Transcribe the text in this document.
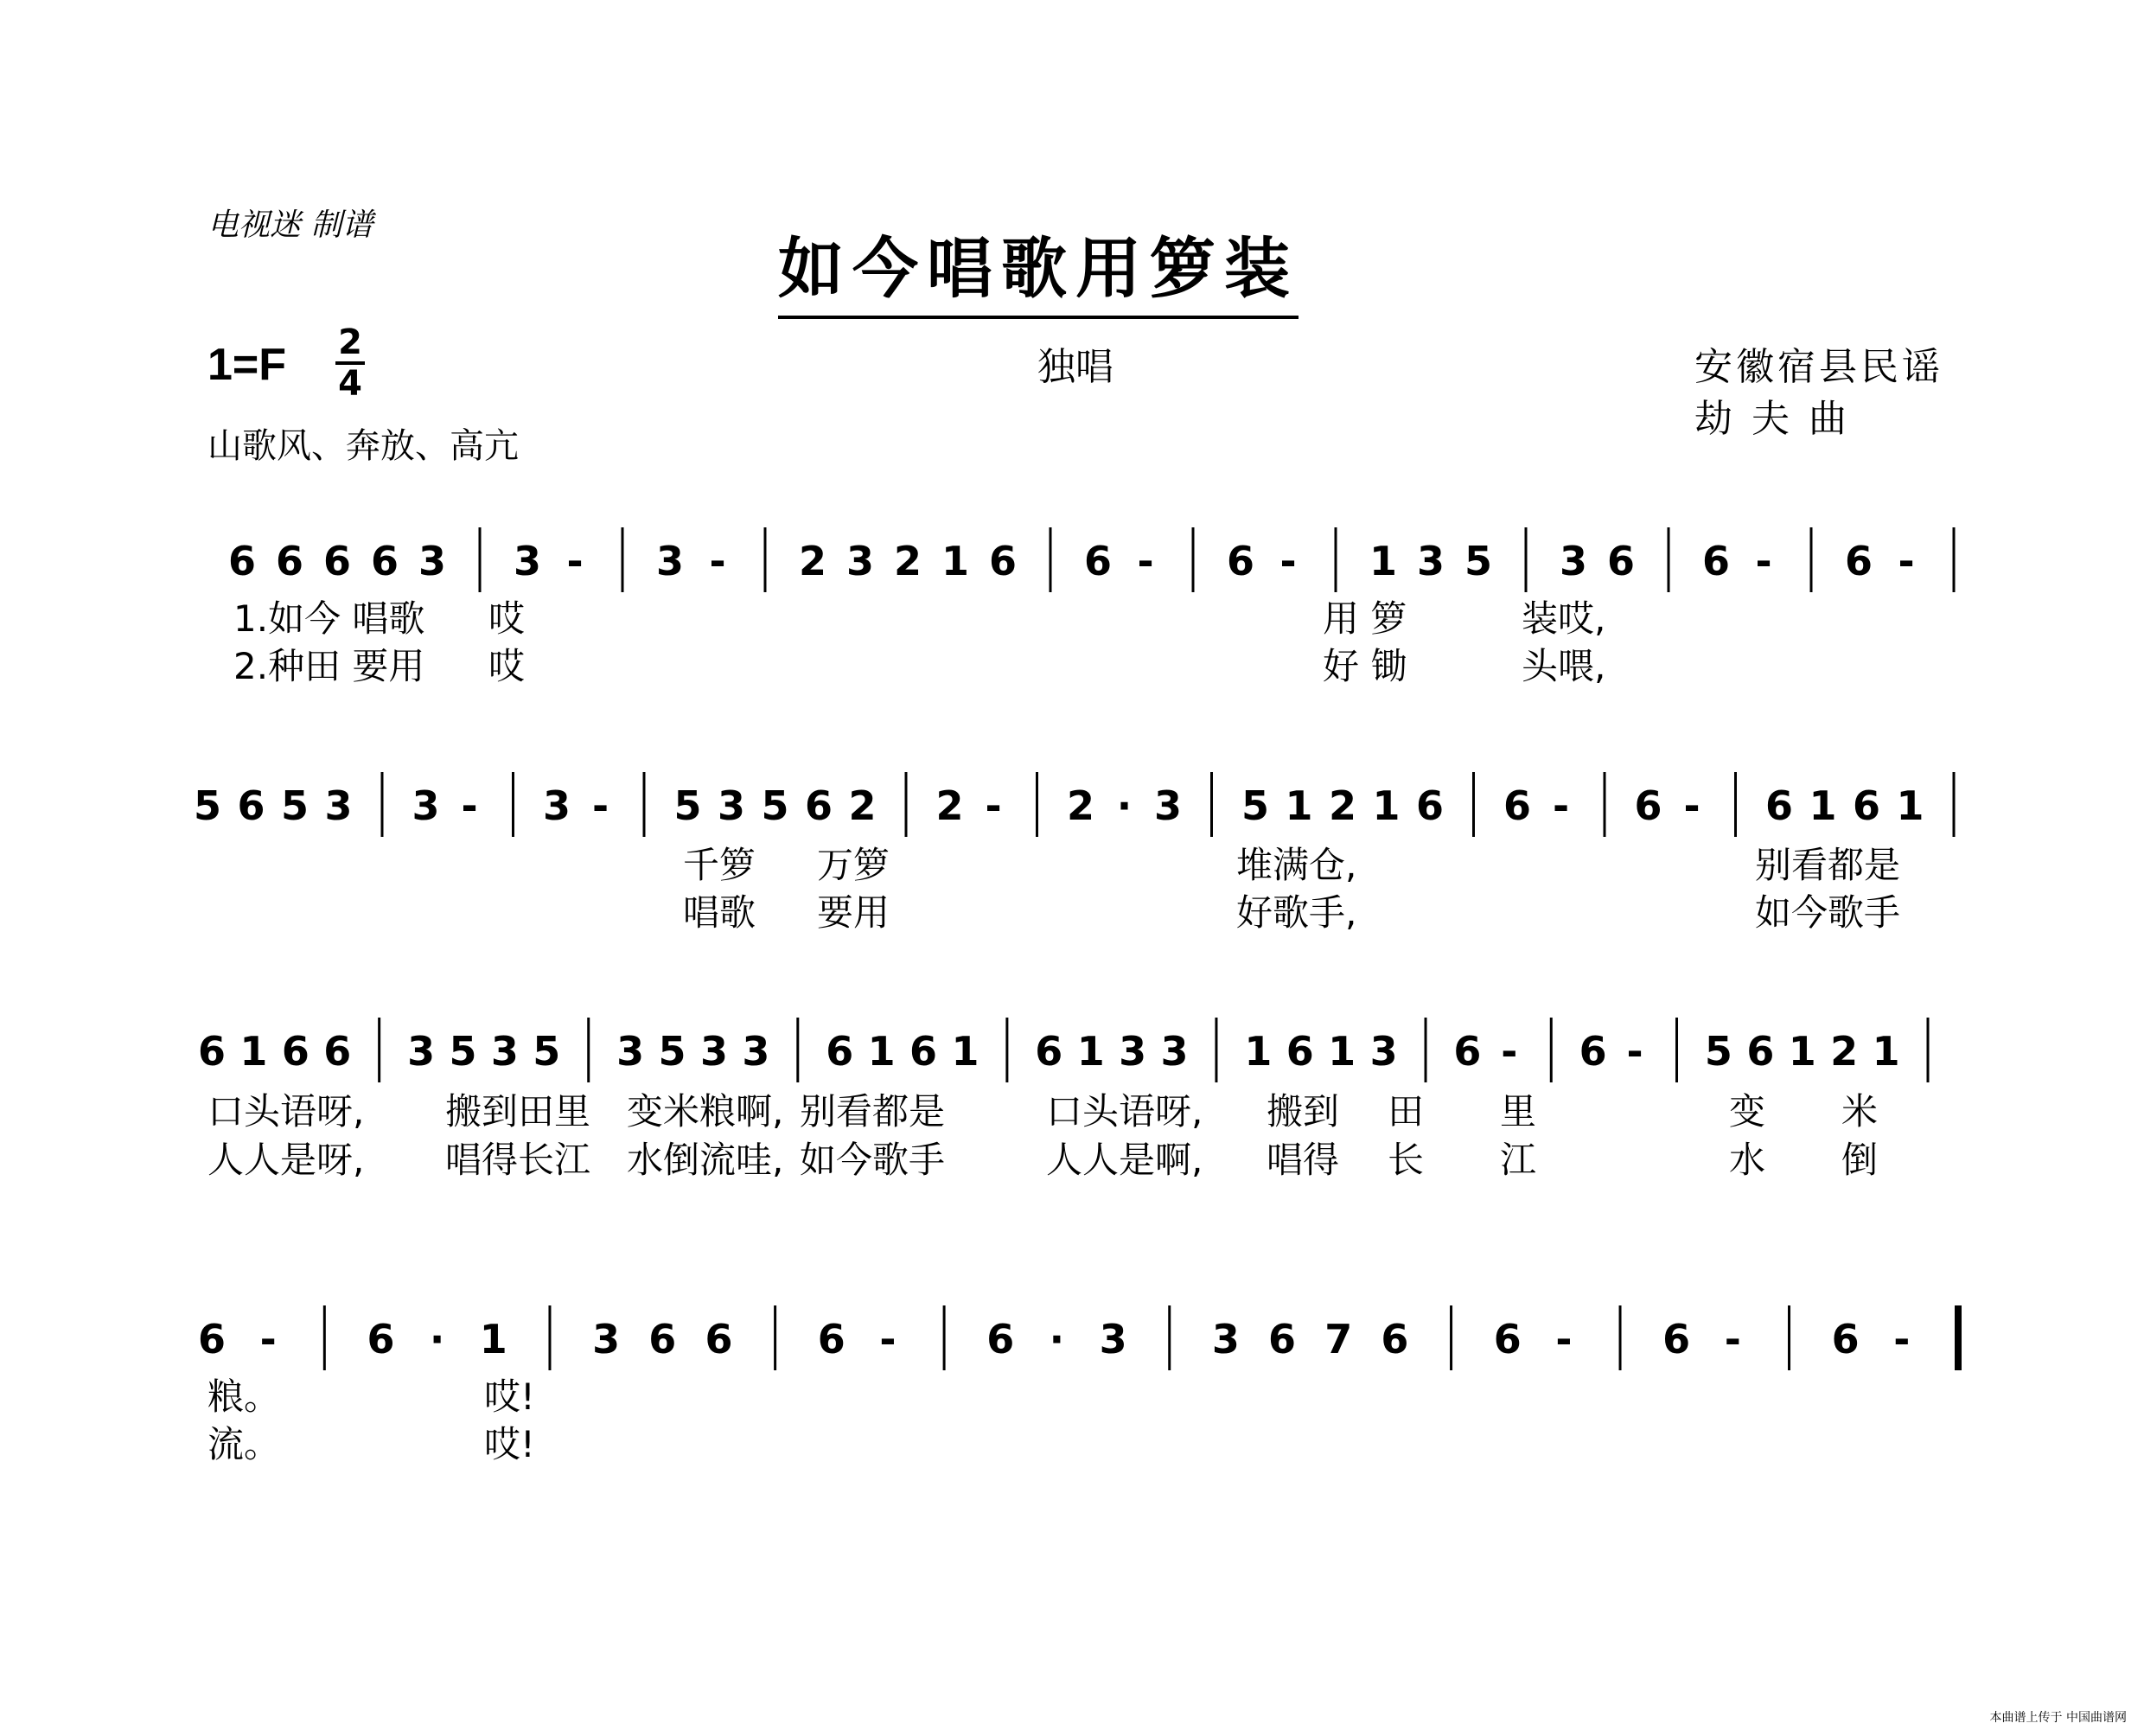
电视迷 制谱
如今唱歌用箩装
1=F 2
4	独唱	安徽宿县民谣
劫 夫 曲
山歌风、奔放、高亢
6 6 6 6 3 3 - 3 - 2 3 2 1 6 6 - 6 - 1 3 5 3 6 6 - 6 -
1.如今 唱歌 哎	用 箩	装哎,
2.种田 要用 哎	好 锄	头喂,
5 6 5 3 3 - 3 - 5 3 5 6 2 2 - 2 · 3 5 1 2 1 6 6 - 6 - 6 1 6 1
千箩 万箩	堆满仓,	别看都是
唱歌 要用	好歌手,	如今歌手
6 1 6 6 3 5 3 5 3 5 3 3 6 1 6 1 6 1 3 3 1 6 1 3 6 - 6 - 5 6 1 2 1
口头语呀, 搬到田里 变米粮啊, 别看都是	口头语呀, 搬到 田 里	变 米
人人是呀, 唱得长江 水倒流哇, 如今歌手	人人是啊, 唱得 长 江	水 倒
6 - 6 · 1 3 6 6 6 - 6 · 3 3 6 7 6 6 - 6 - 6 -
粮。	哎!
流。	哎!
本曲谱上传于 中国曲谱网
